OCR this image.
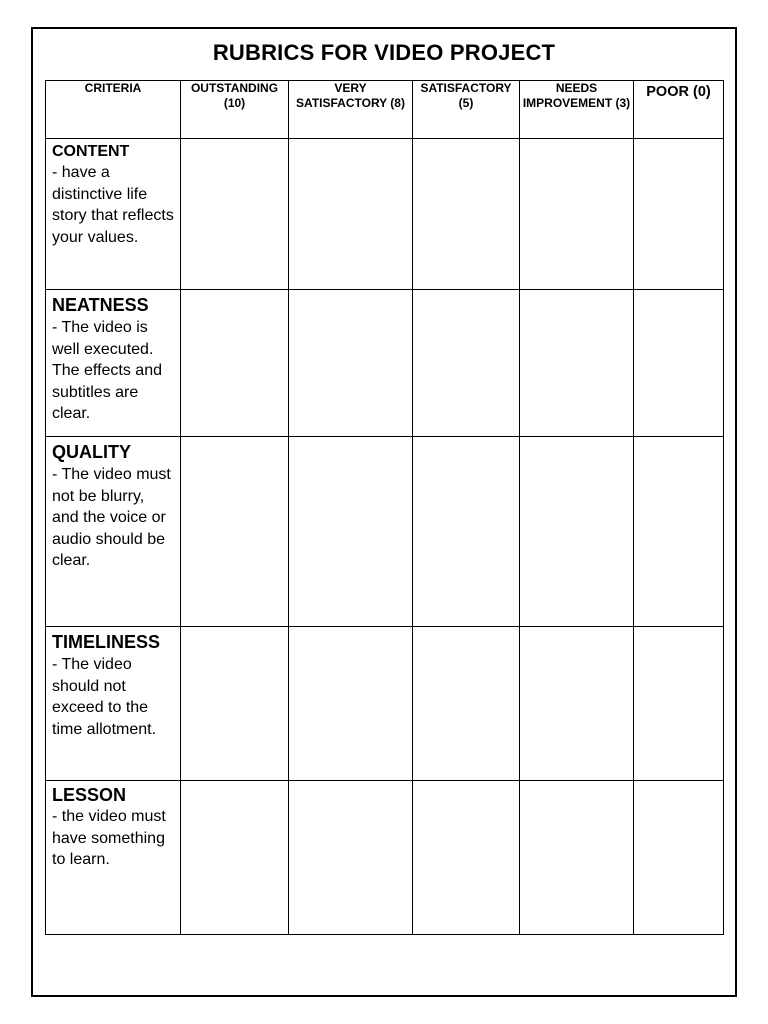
RUBRICS FOR VIDEO PROJECT
CRITERIA	OUTSTANDING (10)	VERY SATISFACTORY (8)	SATISFACTORY (5)	NEEDS IMPROVEMENT (3)	POOR (0)

CONTENT
- have a distinctive life story that reflects your values.					

NEATNESS
- The video is well executed. The effects and subtitles are clear.					

QUALITY
- The video must not be blurry, and the voice or audio should be clear.					

TIMELINESS
- The video should not exceed to the time allotment.					

LESSON
- the video must have something to learn.					
